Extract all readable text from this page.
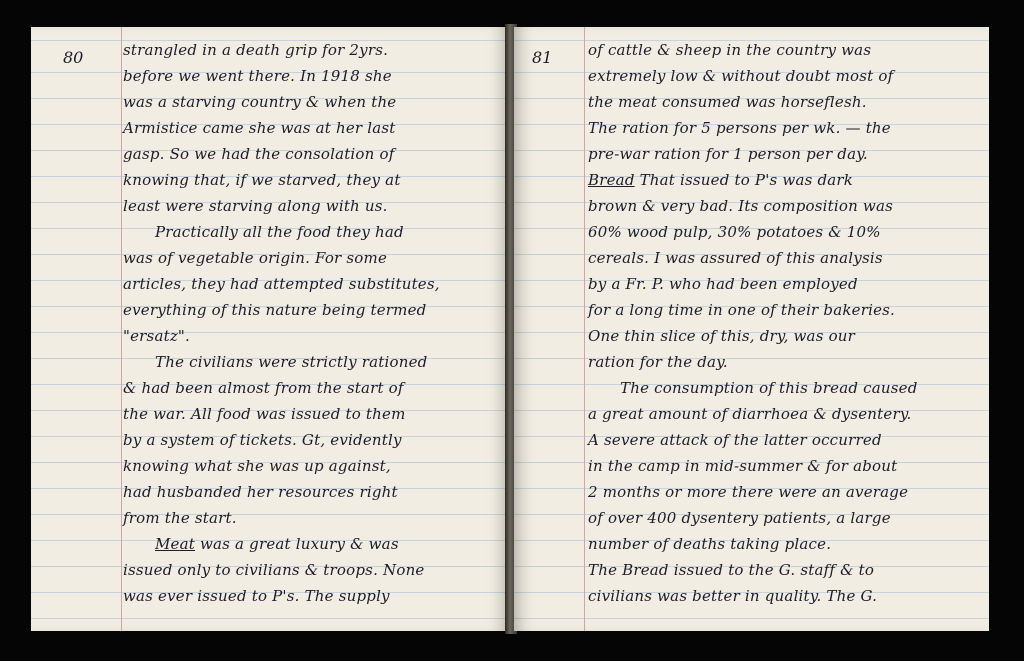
80	strangled in a death grip for 2yrs.
before we went there. In 1918 she
was a starving country & when the
Armistice came she was at her last
gasp. So we had the consolation of
knowing that, if we starved, they at
least were starving along with us.
Practically all the food they had
was of vegetable origin. For some
articles, they had attempted substitutes,
everything of this nature being termed
"ersatz".
The civilians were strictly rationed
& had been almost from the start of
the war. All food was issued to them
by a system of tickets. Gt, evidently
knowing what she was up against,
had husbanded her resources right
from the start.
Meat was a great luxury & was
issued only to civilians & troops. None
was ever issued to P's. The supply
81 of cattle & sheep in the country was
extremely low & without doubt most of
the meat consumed was horseflesh.
The ration for 5 persons per wk. — the
pre-war ration for 1 person per day.
Bread That issued to P's was dark
brown & very bad. Its composition was
60% wood pulp, 30% potatoes & 10%
cereals. I was assured of this analysis
by a Fr. P. who had been employed
for a long time in one of their bakeries.
One thin slice of this, dry, was our
ration for the day.
The consumption of this bread caused
a great amount of diarrhoea & dysentery.
A severe attack of the latter occurred
in the camp in mid-summer & for about
2 months or more there were an average
of over 400 dysentery patients, a large
number of deaths taking place.
The Bread issued to the G. staff & to
civilians was better in quality. The G.
